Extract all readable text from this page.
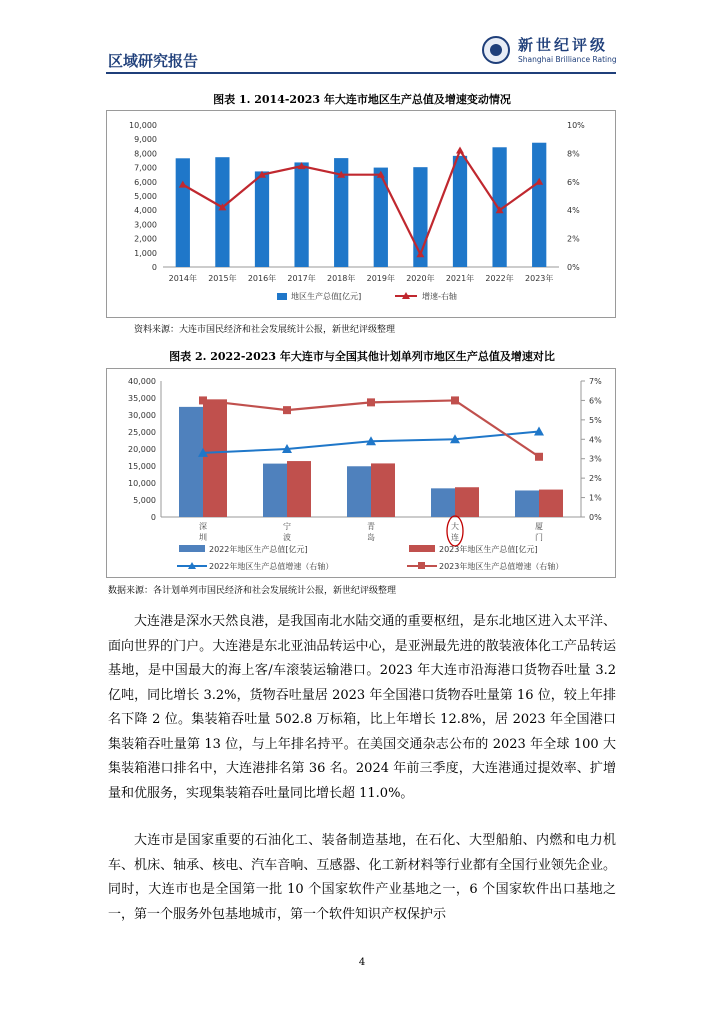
区域研究报告
新世纪评级
Shanghai Brilliance Rating
图表 1. 2014-2023 年大连市地区生产总值及增速变动情况
0
1,000
2,000
3,000
4,000
5,000
6,000
7,000
8,000
9,000
10,000
0%
2%
4%
6%
8%
10%
2014年 2015年 2016年 2017年 2018年 2019年 2020年 2021年 2022年 2023年
地区生产总值[亿元]	增速-右轴
资料来源：大连市国民经济和社会发展统计公报，新世纪评级整理
图表 2. 2022-2023 年大连市与全国其他计划单列市地区生产总值及增速对比
0
5,000
10,000
15,000
20,000
25,000
30,000
35,000
40,000
0%
1%
2%
3%
4%
5%
6%
7%
深
圳
宁
波
青
岛
大
连
厦
门
2022年地区生产总值[亿元]	2023年地区生产总值[亿元]
2022年地区生产总值增速（右轴）	2023年地区生产总值增速（右轴）
数据来源：各计划单列市国民经济和社会发展统计公报，新世纪评级整理

大连港是深水天然良港，是我国南北水陆交通的重要枢纽，是东北地区进入太平洋、面向世界的门户。大连港是东北亚油品转运中心，是亚洲最先进的散装液体化工产品转运基地，是中国最大的海上客/车滚装运输港口。2023 年大连市沿海港口货物吞吐量 3.2 亿吨，同比增长 3.2%，货物吞吐量居 2023 年全国港口货物吞吐量第 16 位，较上年排名下降 2 位。集装箱吞吐量 502.8 万标箱，比上年增长 12.8%，居 2023 年全国港口集装箱吞吐量第 13 位，与上年排名持平。在美国交通杂志公布的 2023 年全球 100 大集装箱港口排名中，大连港排名第 36 名。2024 年前三季度，大连港通过提效率、扩增量和优服务，实现集装箱吞吐量同比增长超 11.0%。

大连市是国家重要的石油化工、装备制造基地，在石化、大型船舶、内燃和电力机车、机床、轴承、核电、汽车音响、互感器、化工新材料等行业都有全国行业领先企业。同时，大连市也是全国第一批 10 个国家软件产业基地之一，6 个国家软件出口基地之一，第一个服务外包基地城市，第一个软件知识产权保护示

4
